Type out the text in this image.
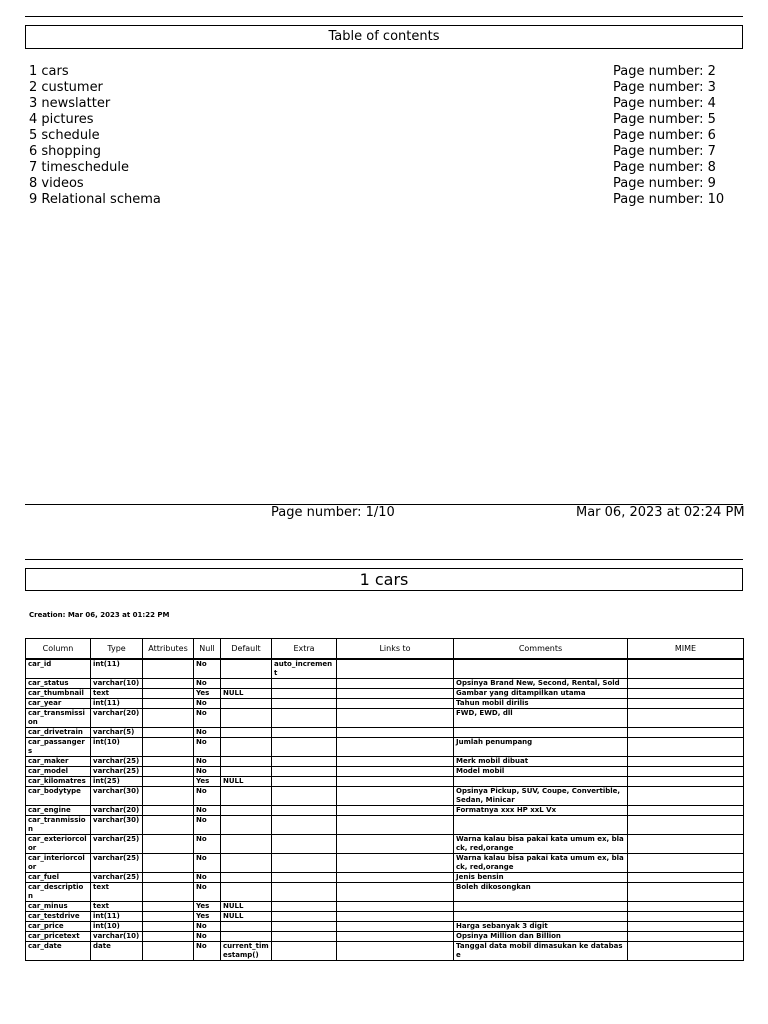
Table of contents
1 cars	Page number: 2
2 custumer	Page number: 3
3 newslatter	Page number: 4
4 pictures	Page number: 5
5 schedule	Page number: 6
6 shopping	Page number: 7
7 timeschedule	Page number: 8
8 videos	Page number: 9
9 Relational schema	Page number: 10
Page number: 1/10	Mar 06, 2023 at 02:24 PM
1 cars
Creation: Mar 06, 2023 at 01:22 PM
Column	Type	Attributes	Null	Default	Extra	Links to	Comments	MIME
car_id	int(11)		No		auto_increment			
car_status	varchar(10)		No				Opsinya Brand New, Second, Rental, Sold	
car_thumbnail	text		Yes	NULL			Gambar yang ditampilkan utama	
car_year	int(11)		No				Tahun mobil dirilis	
car_transmission	varchar(20)		No				FWD, EWD, dll	
car_drivetrain	varchar(5)		No					
car_passangers	int(10)		No				Jumlah penumpang	
car_maker	varchar(25)		No				Merk mobil dibuat	
car_model	varchar(25)		No				Model mobil	
car_kilomatres	int(25)		Yes	NULL				
car_bodytype	varchar(30)		No				Opsinya Pickup, SUV, Coupe, Convertible, Sedan, Minicar	
car_engine	varchar(20)		No				Formatnya xxx HP xxL Vx	
car_tranmission	varchar(30)		No					
car_exteriorcolor	varchar(25)		No				Warna kalau bisa pakai kata umum ex, black, red,orange	
car_interiorcolor	varchar(25)		No				Warna kalau bisa pakai kata umum ex, black, red,orange	
car_fuel	varchar(25)		No				Jenis bensin	
car_description	text		No				Boleh dikosongkan	
car_minus	text		Yes	NULL				
car_testdrive	int(11)		Yes	NULL				
car_price	int(10)		No				Harga sebanyak 3 digit	
car_pricetext	varchar(10)		No				Opsinya Million dan Billion	
car_date	date		No	current_timestamp()			Tanggal data mobil dimasukan ke database	
